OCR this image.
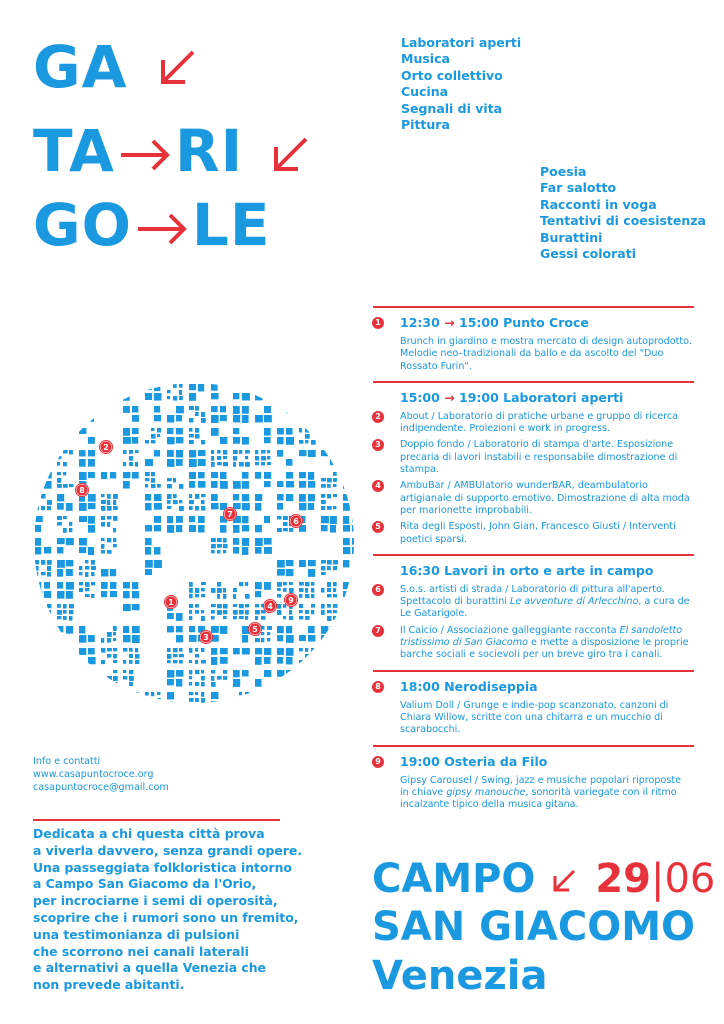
GA
TA RI
GO LE
Laboratori aperti
Musica
Orto collettivo
Cucina
Segnali di vita
Pittura
Poesia
Far salotto
Racconti in voga
Tentativi di coesistenza
Burattini
Gessi colorati
1 12:30 → 15:00 Punto Croce
Brunch in giardino e mostra mercato di design autoprodotto. Melodie neo–tradizionali da ballo e da ascolto del "Duo Rossato Furin".
15:00 → 19:00 Laboratori aperti
2	About / Laboratorio di pratiche urbane e gruppo di ricerca indipendente. Proiezioni e work in progress.
3	Doppio fondo / Laboratorio di stampa d'arte. Esposizione precaria di lavori instabili e responsabile dimostrazione di stampa.
4	AmbuBar / AMBUlatorio wunderBAR, deambulatorio artigianale di supporto emotivo. Dimostrazione di alta moda per marionette improbabili.
5	Rita degli Esposti, John Gian, Francesco Giusti / Interventi poetici sparsi.
16:30 Lavori in orto e arte in campo
6	S.o.s. artisti di strada / Laboratorio di pittura all'aperto. Spettacolo di burattini Le avventure di Arlecchino, a cura de Le Gatarigole.
7	Il Caicio / Associazione galleggiante racconta El sandoletto tristissimo di San Giacomo e mette a disposizione le proprie barche sociali e socievoli per un breve giro tra i canali.
8 18:00 Nerodiseppia
Valium Doll / Grunge e indie-pop scanzonato, canzoni di Chiara Willow, scritte con una chitarra e un mucchio di scarabocchi.
9 19:00 Osteria da Filo
Gipsy Carousel / Swing, jazz e musiche popolari riproposte in chiave gipsy manouche, sonorità variegate con il ritmo incalzante tipico della musica gitana.
1
2
3
4
5
6
7
8
9
Info e contatti
www.casapuntocroce.org
casapuntocroce@gmail.com
Dedicata a chi questa città prova
a viverla davvero, senza grandi opere.
Una passeggiata folkloristica intorno
a Campo San Giacomo da l'Orio,
per incrociarne i semi di operosità,
scoprire che i rumori sono un fremito,
una testimonianza di pulsioni
che scorrono nei canali laterali
e alternativi a quella Venezia che
non prevede abitanti.
CAMPO 29|06
SAN GIACOMO
Venezia
